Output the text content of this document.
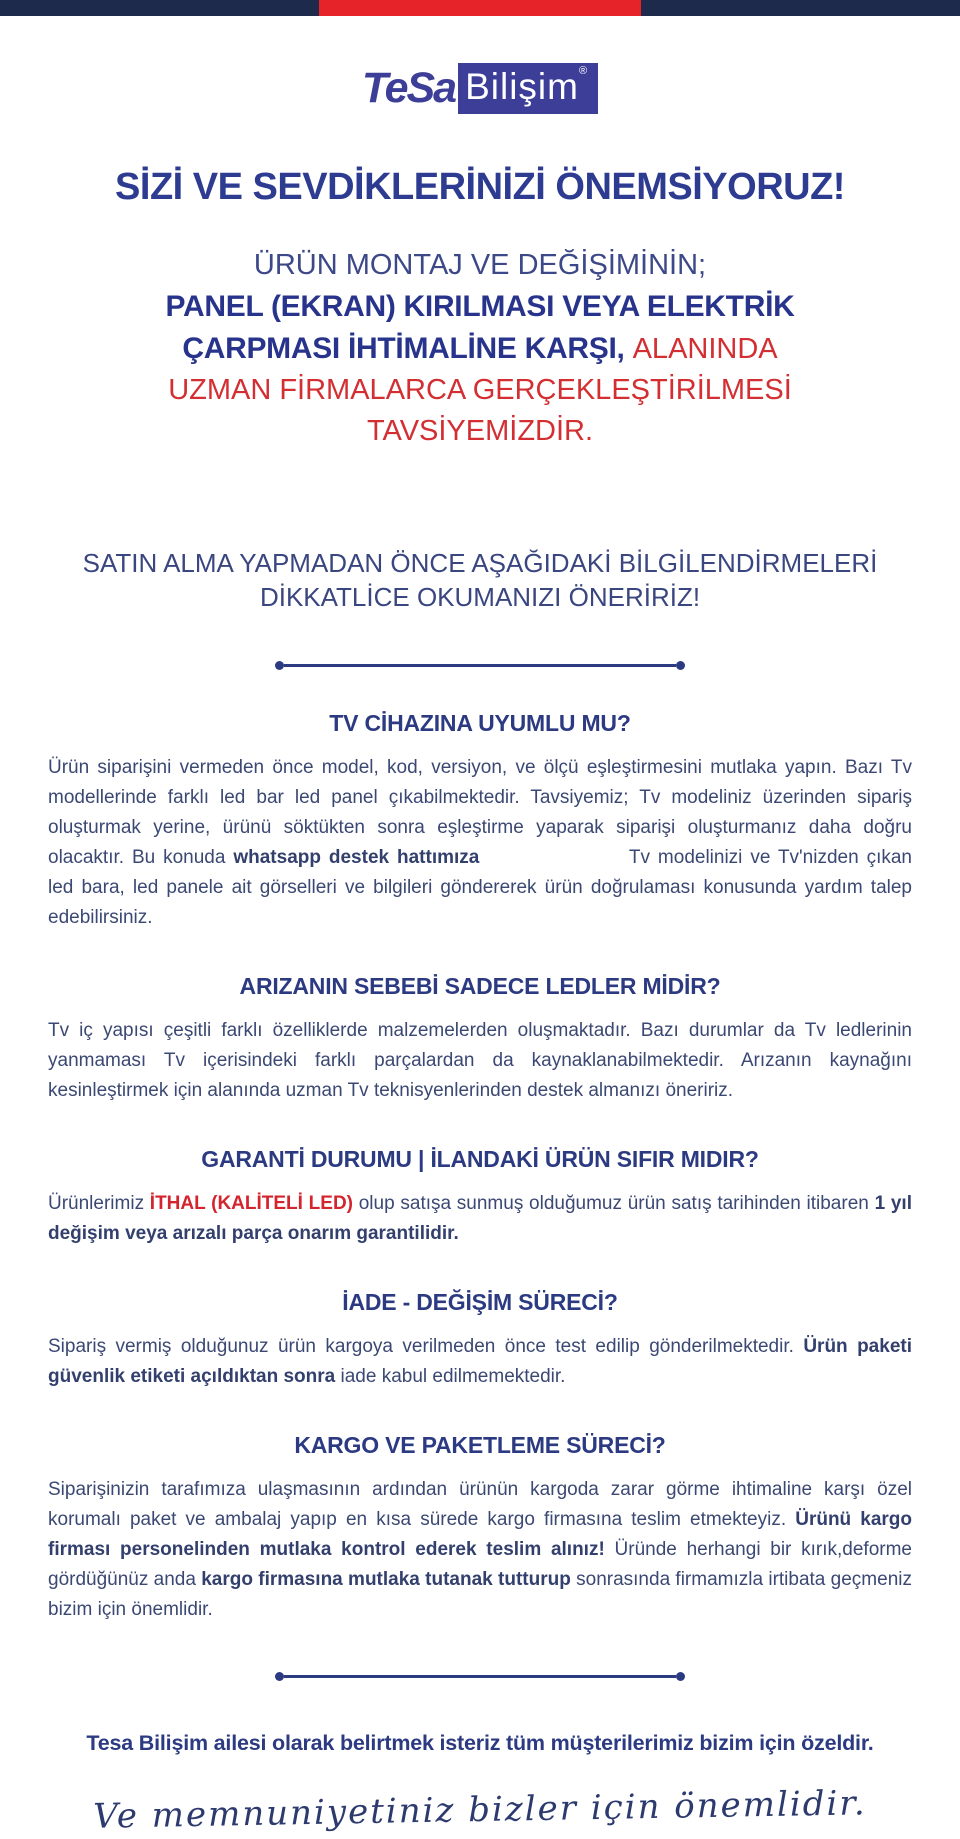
TeSa Bilişim®
SİZİ VE SEVDİKLERİNİZİ ÖNEMSİYORUZ!
ÜRÜN MONTAJ VE DEĞİŞİMİNİN;
PANEL (EKRAN) KIRILMASI VEYA ELEKTRİK
ÇARPMASI İHTİMALİNE KARŞI, ALANINDA
UZMAN FİRMALARCA GERÇEKLEŞTİRİLMESİ
TAVSİYEMİZDİR.

SATIN ALMA YAPMADAN ÖNCE AŞAĞIDAKİ BİLGİLENDİRMELERİ DİKKATLİCE OKUMANIZI ÖNERİRİZ!

TV CİHAZINA UYUMLU MU?

Ürün siparişini vermeden önce model, kod, versiyon, ve ölçü eşleştirmesini mutlaka yapın. Bazı Tv modellerinde farklı led bar led panel çıkabilmektedir. Tavsiyemiz; Tv modeliniz üzerinden sipariş oluşturmak yerine, ürünü söktükten sonra eşleştirme yaparak siparişi oluşturmanız daha doğru olacaktır. Bu konuda whatsapp destek hattımıza	Tv modelinizi ve Tv'nizden çıkan led bara, led panele ait görselleri ve bilgileri göndererek ürün doğrulaması konusunda yardım talep edebilirsiniz.

ARIZANIN SEBEBİ SADECE LEDLER MİDİR?

Tv iç yapısı çeşitli farklı özelliklerde malzemelerden oluşmaktadır. Bazı durumlar da Tv ledlerinin yanmaması Tv içerisindeki farklı parçalardan da kaynaklanabilmektedir. Arızanın kaynağını kesinleştirmek için alanında uzman Tv teknisyenlerinden destek almanızı öneririz.

GARANTİ DURUMU | İLANDAKİ ÜRÜN SIFIR MIDIR?

Ürünlerimiz İTHAL (KALİTELİ LED) olup satışa sunmuş olduğumuz ürün satış tarihinden itibaren 1 yıl değişim veya arızalı parça onarım garantilidir.

İADE - DEĞİŞİM SÜRECİ?

Sipariş vermiş olduğunuz ürün kargoya verilmeden önce test edilip gönderilmektedir. Ürün paketi güvenlik etiketi açıldıktan sonra iade kabul edilmemektedir.

KARGO VE PAKETLEME SÜRECİ?

Siparişinizin tarafımıza ulaşmasının ardından ürünün kargoda zarar görme ihtimaline karşı özel korumalı paket ve ambalaj yapıp en kısa sürede kargo firmasına teslim etmekteyiz. Ürünü kargo firması personelinden mutlaka kontrol ederek teslim alınız! Üründe herhangi bir kırık,deforme gördüğünüz anda kargo firmasına mutlaka tutanak tutturup sonrasında firmamızla irtibata geçmeniz bizim için önemlidir.

Tesa Bilişim ailesi olarak belirtmek isteriz tüm müşterilerimiz bizim için özeldir.

Ve memnuniyetiniz bizler için önemlidir.
